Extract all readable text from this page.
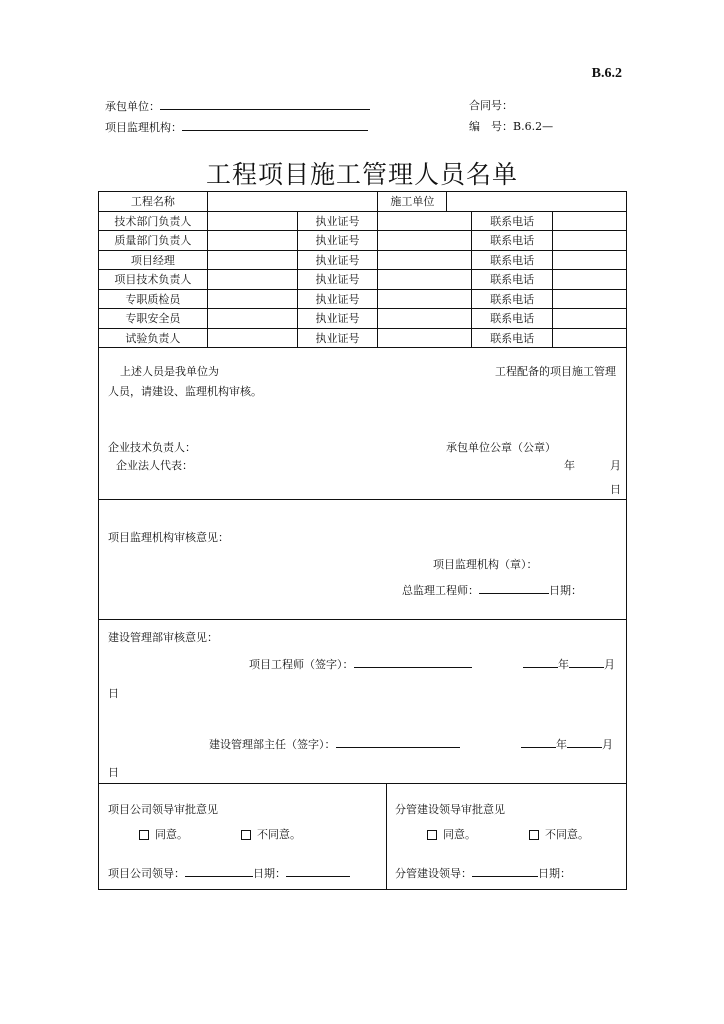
B.6.2
承包单位：	合同号：
项目监理机构：	编　号：B.6.2—
工程项目施工管理人员名单
工程名称			施工单位			
技术部门负责人		执业证号			联系电话	
质量部门负责人		执业证号			联系电话	
项目经理		执业证号			联系电话	
项目技术负责人		执业证号			联系电话	
专职质检员		执业证号			联系电话	
专职安全员		执业证号			联系电话	
试验负责人		执业证号			联系电话	
上述人员是我单位为	工程配备的项目施工管理
人员，请建设、监理机构审核。
企业技术负责人：	承包单位公章（公章）
企业法人代表：	年	月
日
项目监理机构审核意见：
项目监理机构（章）：
总监理工程师：	日期：
建设管理部审核意见：
项目工程师（签字）：	年	月
日
建设管理部主任（签字）：	年	月
日
项目公司领导审批意见
同意。	不同意。
项目公司领导：	日期：
分管建设领导审批意见
同意。	不同意。
分管建设领导：	日期：
